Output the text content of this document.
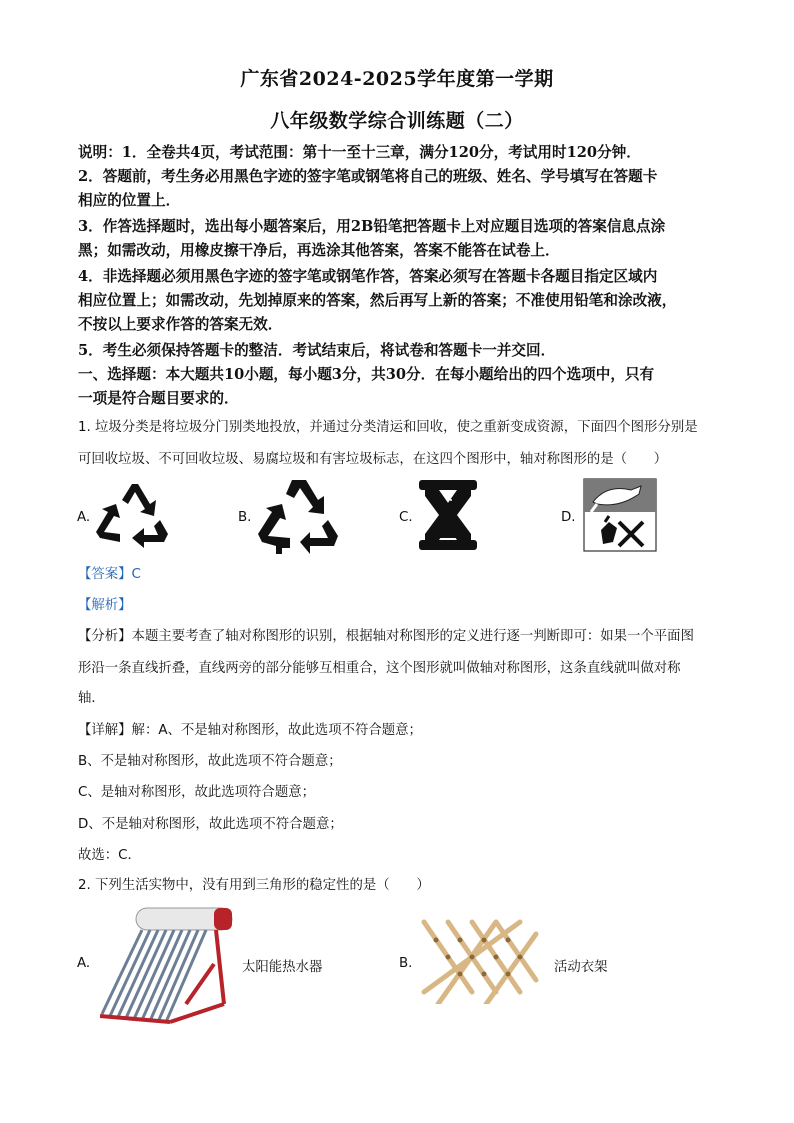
广东省2024-2025学年度第一学期
八年级数学综合训练题（二）
说明：1．全卷共4页，考试范围：第十一至十三章，满分120分，考试用时120分钟．
2．答题前，考生务必用黑色字迹的签字笔或钢笔将自己的班级、姓名、学号填写在答题卡
相应的位置上．
3．作答选择题时，选出每小题答案后，用2B铅笔把答题卡上对应题目选项的答案信息点涂
黑；如需改动，用橡皮擦干净后，再选涂其他答案，答案不能答在试卷上．
4．非选择题必须用黑色字迹的签字笔或钢笔作答，答案必须写在答题卡各题目指定区域内
相应位置上；如需改动，先划掉原来的答案，然后再写上新的答案；不准使用铅笔和涂改液，
不按以上要求作答的答案无效．
5．考生必须保持答题卡的整洁．考试结束后，将试卷和答题卡一并交回．
一、选择题：本大题共10小题，每小题3分，共30分．在每小题给出的四个选项中，只有
一项是符合题目要求的．
1. 垃圾分类是将垃圾分门别类地投放，并通过分类清运和回收，使之重新变成资源，下面四个图形分别是
可回收垃圾、不可回收垃圾、易腐垃圾和有害垃圾标志，在这四个图形中，轴对称图形的是（　　）
A.	B.	C.	D.
【答案】C
【解析】
【分析】本题主要考查了轴对称图形的识别，根据轴对称图形的定义进行逐一判断即可：如果一个平面图
形沿一条直线折叠，直线两旁的部分能够互相重合，这个图形就叫做轴对称图形，这条直线就叫做对称
轴．
【详解】解：A、不是轴对称图形，故此选项不符合题意；
B、不是轴对称图形，故此选项不符合题意；
C、是轴对称图形，故此选项符合题意；
D、不是轴对称图形，故此选项不符合题意；
故选：C．
2. 下列生活实物中，没有用到三角形的稳定性的是（　　）
A.	太阳能热水器	B.	活动衣架
